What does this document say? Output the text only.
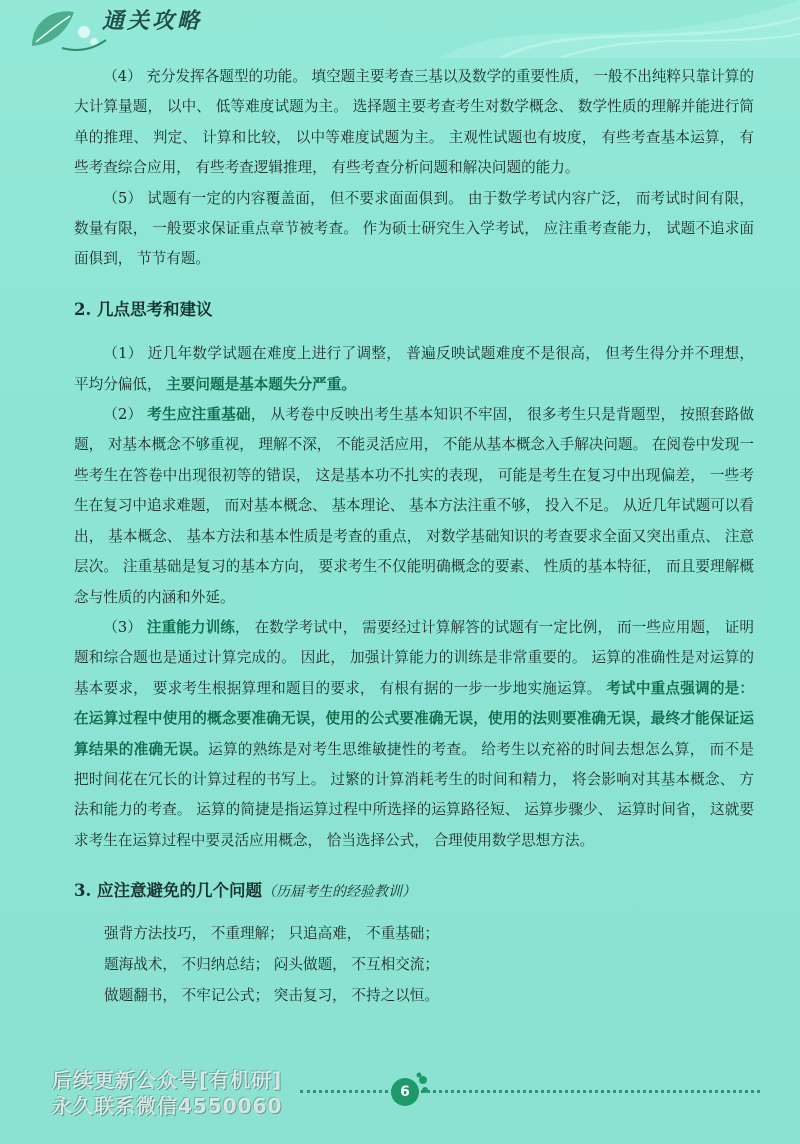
通关攻略

（4） 充分发挥各题型的功能。 填空题主要考查三基以及数学的重要性质， 一般不出纯粹只靠计算的大计算量题， 以中、 低等难度试题为主。 选择题主要考查考生对数学概念、 数学性质的理解并能进行简单的推理、 判定、 计算和比较， 以中等难度试题为主。 主观性试题也有坡度， 有些考查基本运算， 有些考查综合应用， 有些考查逻辑推理， 有些考查分析问题和解决问题的能力。

（5） 试题有一定的内容覆盖面， 但不要求面面俱到。 由于数学考试内容广泛， 而考试时间有限， 数量有限， 一般要求保证重点章节被考查。 作为硕士研究生入学考试， 应注重考查能力， 试题不追求面面俱到， 节节有题。

2. 几点思考和建议

（1） 近几年数学试题在难度上进行了调整， 普遍反映试题难度不是很高， 但考生得分并不理想， 平均分偏低， 主要问题是基本题失分严重。

（2） 考生应注重基础， 从考卷中反映出考生基本知识不牢固， 很多考生只是背题型， 按照套路做题， 对基本概念不够重视， 理解不深， 不能灵活应用， 不能从基本概念入手解决问题。 在阅卷中发现一些考生在答卷中出现很初等的错误， 这是基本功不扎实的表现， 可能是考生在复习中出现偏差， 一些考生在复习中追求难题， 而对基本概念、 基本理论、 基本方法注重不够， 投入不足。 从近几年试题可以看出， 基本概念、 基本方法和基本性质是考查的重点， 对数学基础知识的考查要求全面又突出重点、 注意层次。 注重基础是复习的基本方向， 要求考生不仅能明确概念的要素、 性质的基本特征， 而且要理解概念与性质的内涵和外延。

（3） 注重能力训练， 在数学考试中， 需要经过计算解答的试题有一定比例， 而一些应用题， 证明题和综合题也是通过计算完成的。 因此， 加强计算能力的训练是非常重要的。 运算的准确性是对运算的基本要求， 要求考生根据算理和题目的要求， 有根有据的一步一步地实施运算。 考试中重点强调的是：在运算过程中使用的概念要准确无误，使用的公式要准确无误，使用的法则要准确无误，最终才能保证运算结果的准确无误。运算的熟练是对考生思维敏捷性的考查。 给考生以充裕的时间去想怎么算， 而不是把时间花在冗长的计算过程的书写上。 过繁的计算消耗考生的时间和精力， 将会影响对其基本概念、 方法和能力的考查。 运算的简捷是指运算过程中所选择的运算路径短、 运算步骤少、 运算时间省， 这就要求考生在运算过程中要灵活应用概念， 恰当选择公式， 合理使用数学思想方法。

3. 应注意避免的几个问题（历届考生的经验教训）

强背方法技巧， 不重理解； 只追高难， 不重基础；

题海战术， 不归纳总结； 闷头做题， 不互相交流；

做题翻书， 不牢记公式； 突击复习， 不持之以恒。

6
后续更新公众号[有机研]
永久联系微信4550060
